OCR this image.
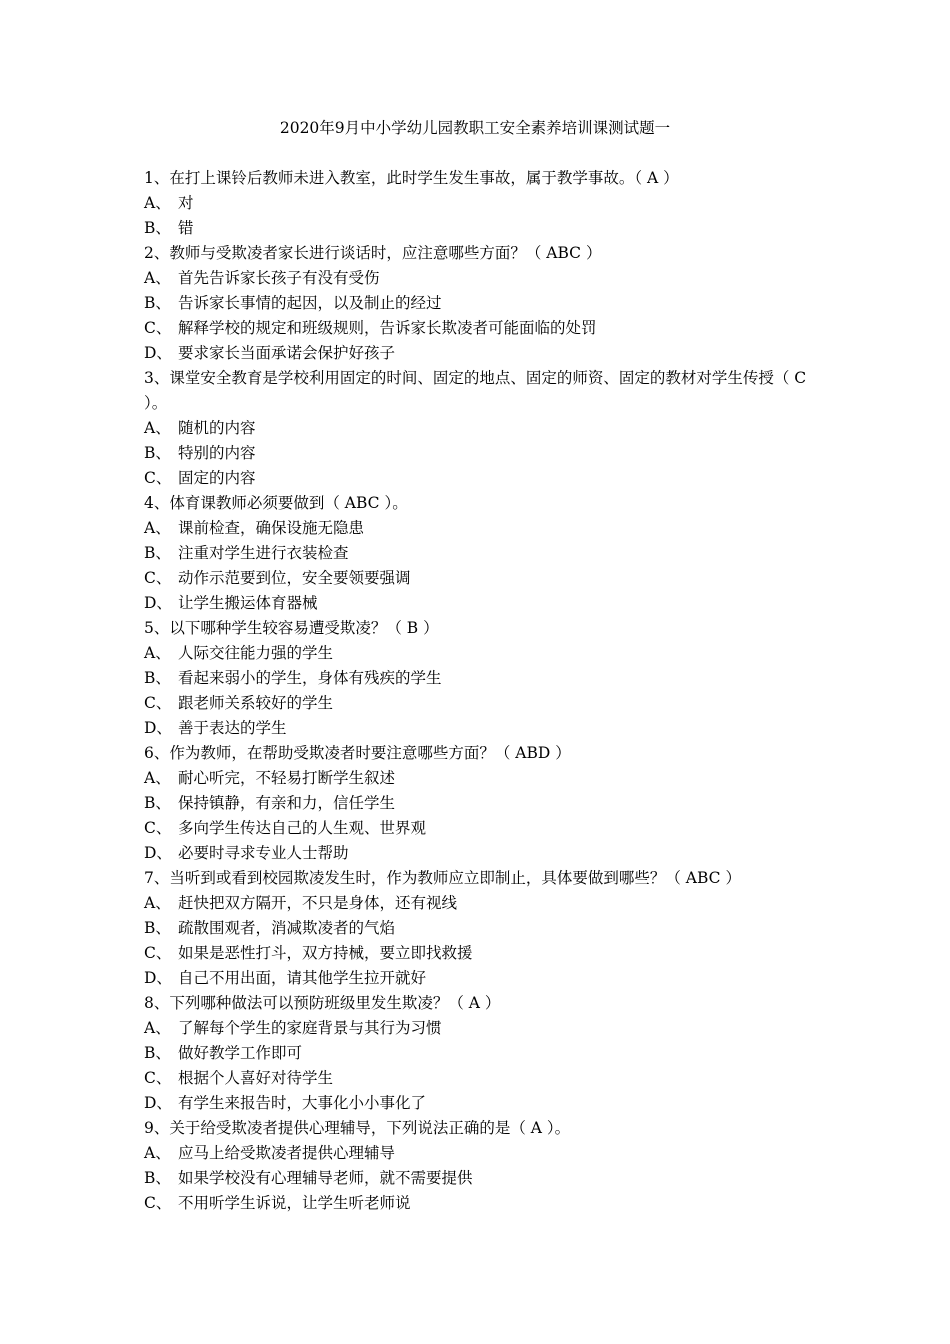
2020年9月中小学幼儿园教职工安全素养培训课测试题一
1、在打上课铃后教师未进入教室，此时学生发生事故，属于教学事故。（ A ）
A、 对
B、 错
2、教师与受欺凌者家长进行谈话时，应注意哪些方面？（ ABC ）
A、 首先告诉家长孩子有没有受伤
B、 告诉家长事情的起因，以及制止的经过
C、 解释学校的规定和班级规则，告诉家长欺凌者可能面临的处罚
D、 要求家长当面承诺会保护好孩子
3、课堂安全教育是学校利用固定的时间、固定的地点、固定的师资、固定的教材对学生传授（ C ）。
A、 随机的内容
B、 特别的内容
C、 固定的内容
4、体育课教师必须要做到（ ABC ）。
A、 课前检查，确保设施无隐患
B、 注重对学生进行衣装检查
C、 动作示范要到位，安全要领要强调
D、 让学生搬运体育器械
5、以下哪种学生较容易遭受欺凌？（ B ）
A、 人际交往能力强的学生
B、 看起来弱小的学生，身体有残疾的学生
C、 跟老师关系较好的学生
D、 善于表达的学生
6、作为教师，在帮助受欺凌者时要注意哪些方面？（ ABD ）
A、 耐心听完，不轻易打断学生叙述
B、 保持镇静，有亲和力，信任学生
C、 多向学生传达自己的人生观、世界观
D、 必要时寻求专业人士帮助
7、当听到或看到校园欺凌发生时，作为教师应立即制止，具体要做到哪些？（ ABC ）
A、 赶快把双方隔开，不只是身体，还有视线
B、 疏散围观者，消减欺凌者的气焰
C、 如果是恶性打斗，双方持械，要立即找救援
D、 自己不用出面，请其他学生拉开就好
8、下列哪种做法可以预防班级里发生欺凌？（ A ）
A、 了解每个学生的家庭背景与其行为习惯
B、 做好教学工作即可
C、 根据个人喜好对待学生
D、 有学生来报告时，大事化小小事化了
9、关于给受欺凌者提供心理辅导，下列说法正确的是（ A ）。
A、 应马上给受欺凌者提供心理辅导
B、 如果学校没有心理辅导老师，就不需要提供
C、 不用听学生诉说，让学生听老师说
